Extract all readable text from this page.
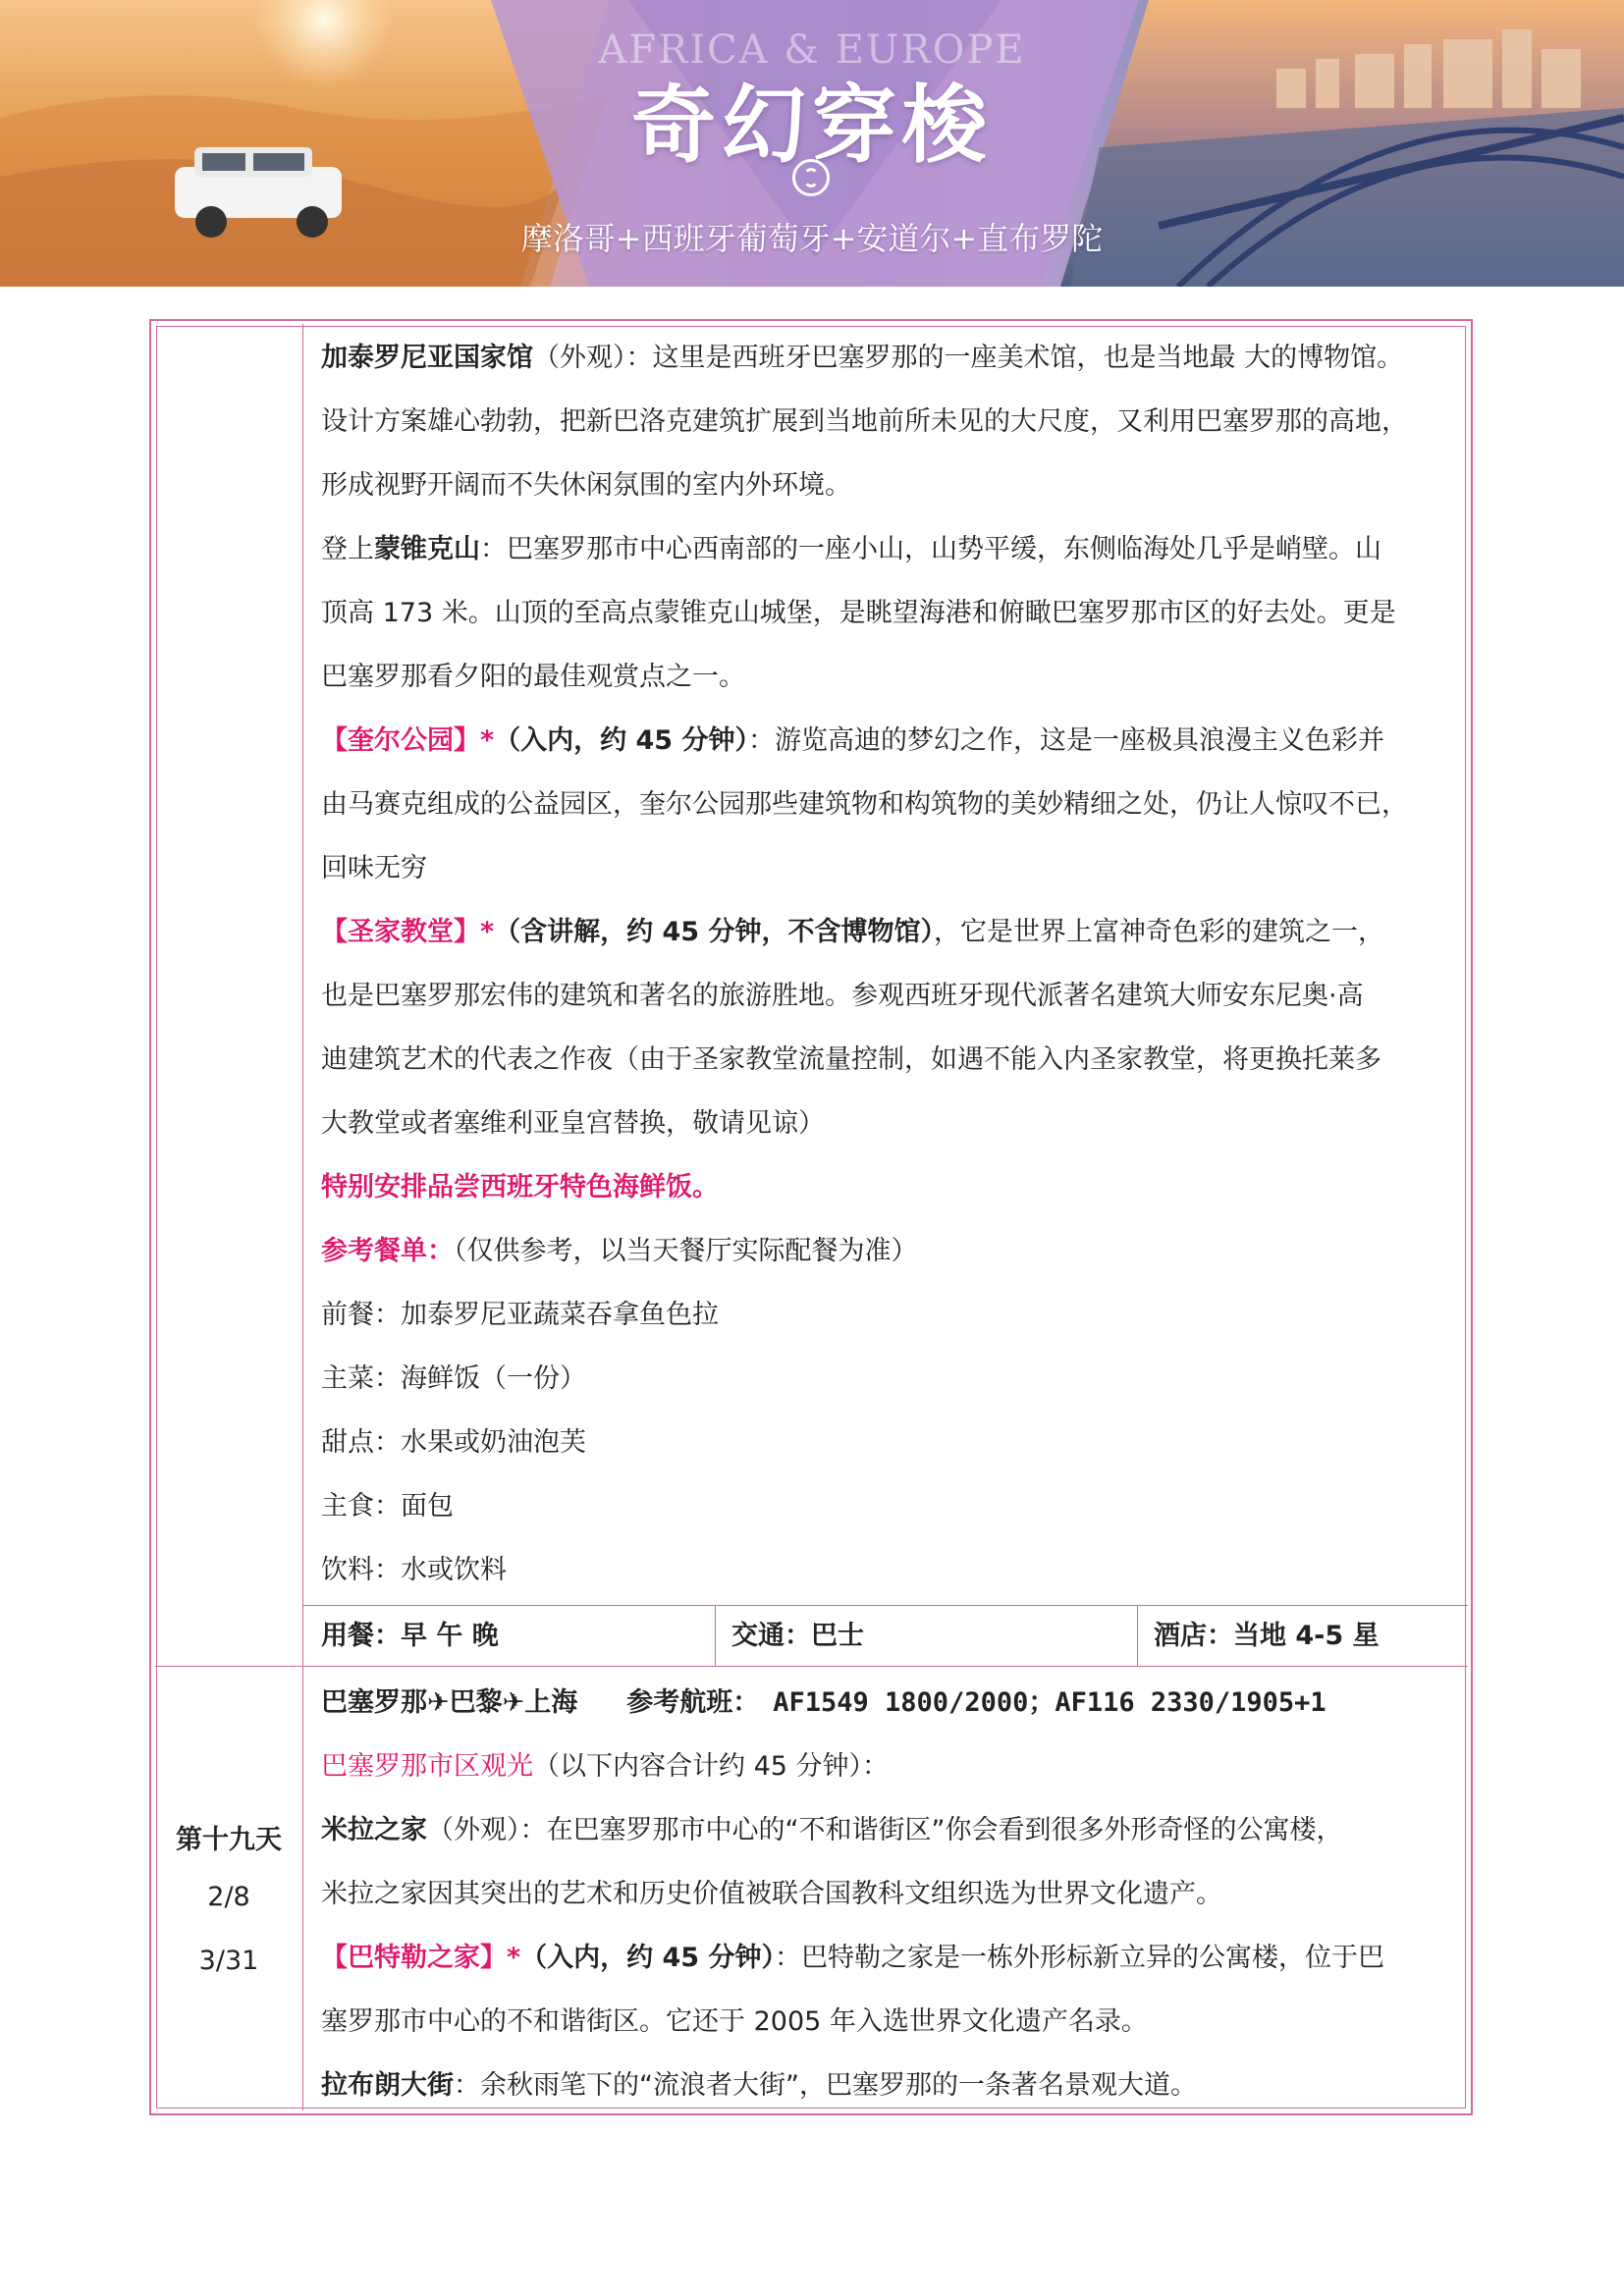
AFRICA & EUROPE
奇幻穿梭
摩洛哥+西班牙葡萄牙+安道尔+直布罗陀
加泰罗尼亚国家馆（外观）：这里是西班牙巴塞罗那的一座美术馆，也是当地最 大的博物馆。
设计方案雄心勃勃，把新巴洛克建筑扩展到当地前所未见的大尺度，又利用巴塞罗那的高地，
形成视野开阔而不失休闲氛围的室内外环境。
登上蒙锥克山：巴塞罗那市中心西南部的一座小山，山势平缓，东侧临海处几乎是峭壁。山
顶高 173 米。山顶的至高点蒙锥克山城堡，是眺望海港和俯瞰巴塞罗那市区的好去处。更是
巴塞罗那看夕阳的最佳观赏点之一。
【奎尔公园】*（入内，约 45 分钟）：游览高迪的梦幻之作，这是一座极具浪漫主义色彩并
由马赛克组成的公益园区，奎尔公园那些建筑物和构筑物的美妙精细之处，仍让人惊叹不已，
回味无穷
【圣家教堂】*（含讲解，约 45 分钟，不含博物馆），它是世界上富神奇色彩的建筑之一，
也是巴塞罗那宏伟的建筑和著名的旅游胜地。参观西班牙现代派著名建筑大师安东尼奥·高
迪建筑艺术的代表之作夜（由于圣家教堂流量控制，如遇不能入内圣家教堂，将更换托莱多
大教堂或者塞维利亚皇宫替换，敬请见谅）
特别安排品尝西班牙特色海鲜饭。
参考餐单：（仅供参考，以当天餐厅实际配餐为准）
前餐：加泰罗尼亚蔬菜吞拿鱼色拉
主菜：海鲜饭（一份）
甜点：水果或奶油泡芙
主食：面包
饮料：水或饮料
用餐：早 午 晚	交通：巴士	酒店：当地 4-5 星
第十九天
2/8
3/31
巴塞罗那✈巴黎✈上海 参考航班： AF1549 1800/2000；AF116 2330/1905+1
巴塞罗那市区观光（以下内容合计约 45 分钟）：
米拉之家（外观）：在巴塞罗那市中心的“不和谐街区”你会看到很多外形奇怪的公寓楼，
米拉之家因其突出的艺术和历史价值被联合国教科文组织选为世界文化遗产。
【巴特勒之家】*（入内，约 45 分钟）：巴特勒之家是一栋外形标新立异的公寓楼，位于巴
塞罗那市中心的不和谐街区。它还于 2005 年入选世界文化遗产名录。
拉布朗大街：余秋雨笔下的“流浪者大街”，巴塞罗那的一条著名景观大道。
